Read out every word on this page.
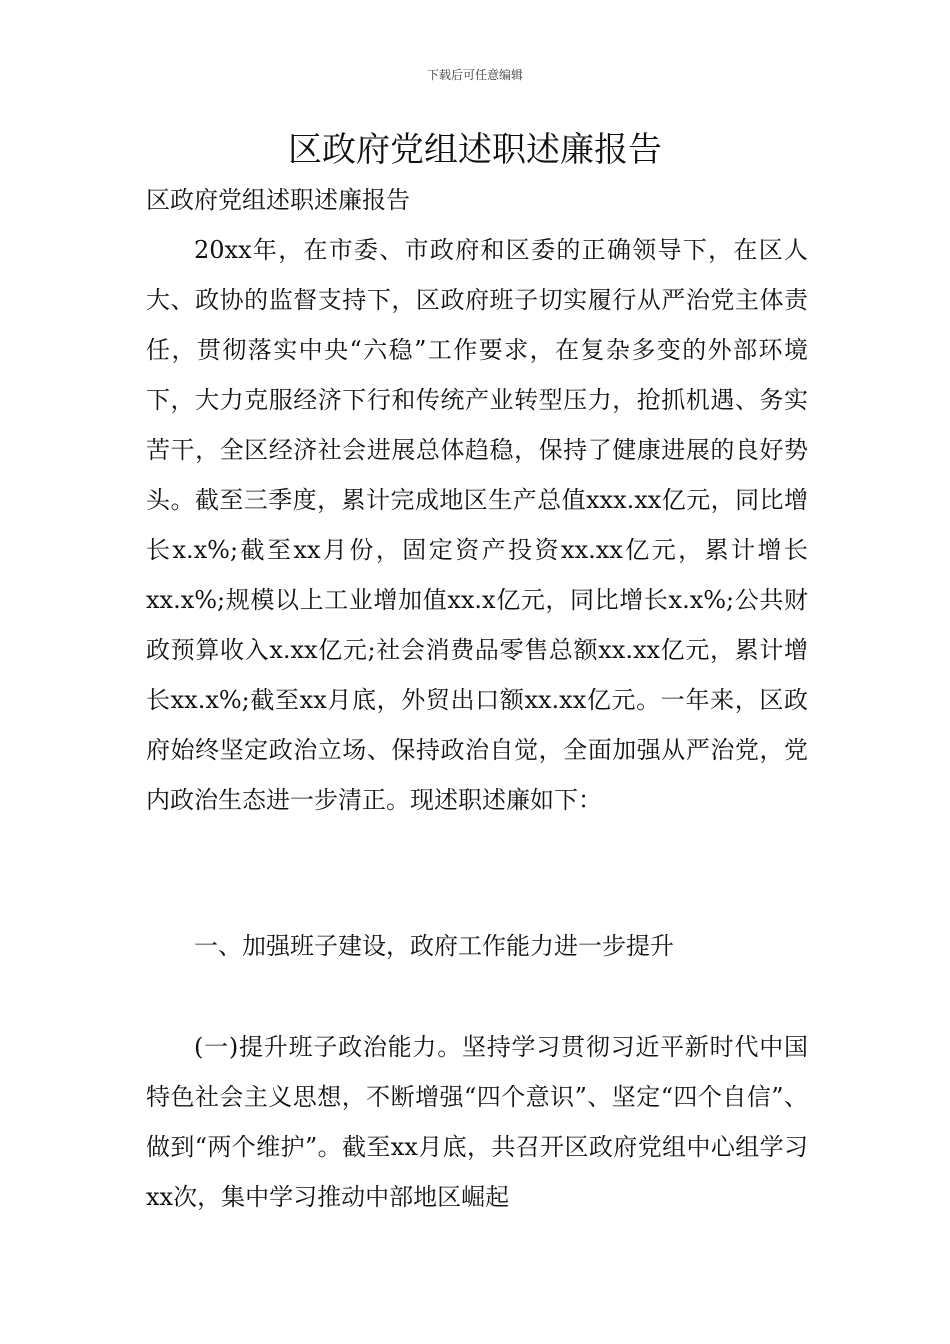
下载后可任意编辑
区政府党组述职述廉报告
区政府党组述职述廉报告

20xx年，在市委、市政府和区委的正确领导下，在区人大、政协的监督支持下，区政府班子切实履行从严治党主体责任，贯彻落实中央“六稳”工作要求，在复杂多变的外部环境下，大力克服经济下行和传统产业转型压力，抢抓机遇、务实苦干，全区经济社会进展总体趋稳，保持了健康进展的良好势头。截至三季度，累计完成地区生产总值xxx.xx亿元，同比增长x.x%;截至xx月份，固定资产投资xx.xx亿元，累计增长xx.x%;规模以上工业增加值xx.x亿元，同比增长x.x%;公共财政预算收入x.xx亿元;社会消费品零售总额xx.xx亿元，累计增长xx.x%;截至xx月底，外贸出口额xx.xx亿元。一年来，区政府始终坚定政治立场、保持政治自觉，全面加强从严治党，党内政治生态进一步清正。现述职述廉如下：

一、加强班子建设，政府工作能力进一步提升

(一)提升班子政治能力。坚持学习贯彻习近平新时代中国特色社会主义思想，不断增强“四个意识”、坚定“四个自信”、做到“两个维护”。截至xx月底，共召开区政府党组中心组学习xx次，集中学习推动中部地区崛起
